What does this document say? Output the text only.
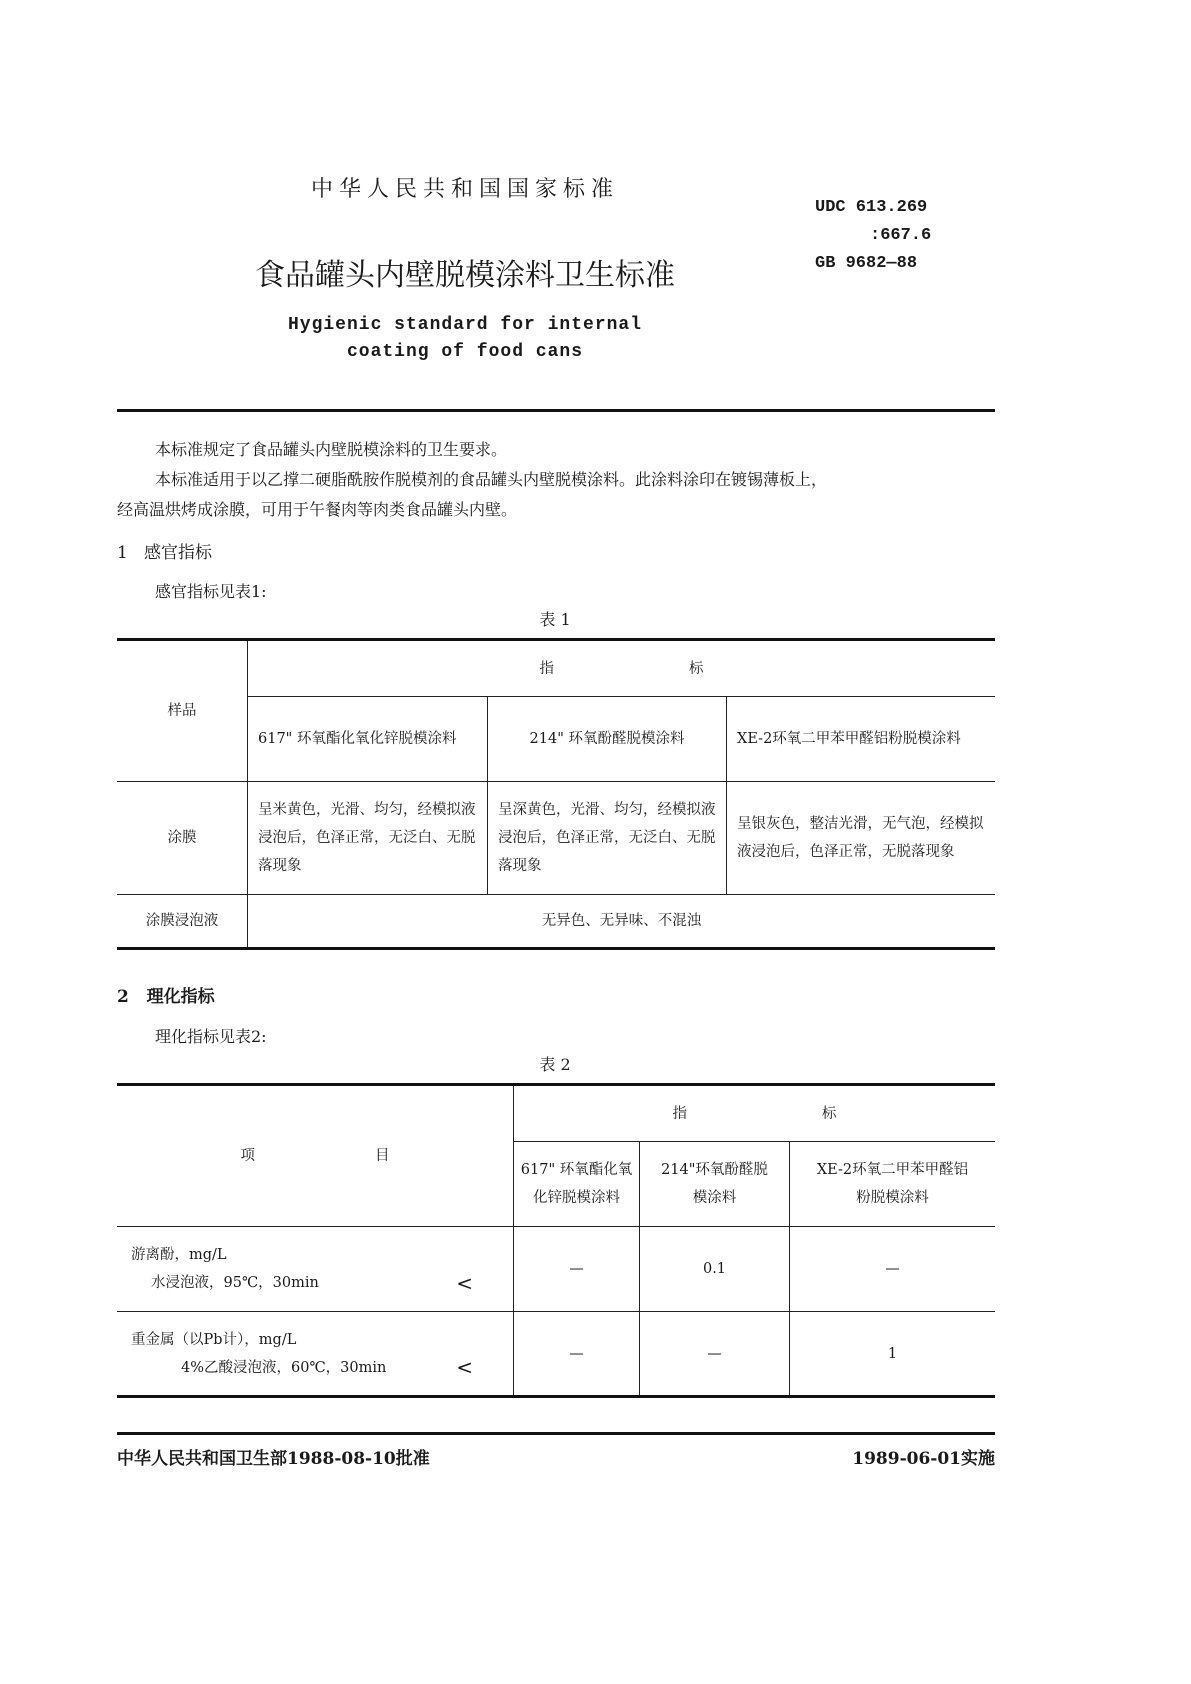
中华人民共和国国家标准
UDC 613.269
:667.6
GB 9682—88
食品罐头内壁脱模涂料卫生标准
Hygienic standard for internal
coating of food cans
本标准规定了食品罐头内壁脱模涂料的卫生要求。
本标准适用于以乙撑二硬脂酰胺作脱模剂的食品罐头内壁脱模涂料。此涂料涂印在镀锡薄板上，
经高温烘烤成涂膜，可用于午餐肉等肉类食品罐头内壁。
1 感官指标
感官指标见表1:
表 1
样品	指 标		
	617" 环氧酯化氧化锌脱模涂料	214" 环氧酚醛脱模涂料	XE-2环氧二甲苯甲醛铝粉脱模涂料
涂膜	呈米黄色，光滑、均匀，经模拟液浸泡后，色泽正常，无泛白、无脱落现象	呈深黄色，光滑、均匀，经模拟液浸泡后，色泽正常，无泛白、无脱落现象	呈银灰色，整洁光滑，无气泡，经模拟液浸泡后，色泽正常，无脱落现象
涂膜浸泡液	无异色、无异味、不混浊		
2 理化指标
理化指标见表2:
表 2
项 目	指 标		
	617" 环氧酯化氧化锌脱模涂料	214"环氧酚醛脱模涂料	XE-2环氧二甲苯甲醛铝粉脱模涂料

游离酚，mg/L
水浸泡液，95℃，30min <	—	0.1	—

重金属（以Pb计），mg/L
4%乙酸浸泡液，60℃，30min <	—	—	1
中华人民共和国卫生部1988-08-10批准	1989-06-01实施
